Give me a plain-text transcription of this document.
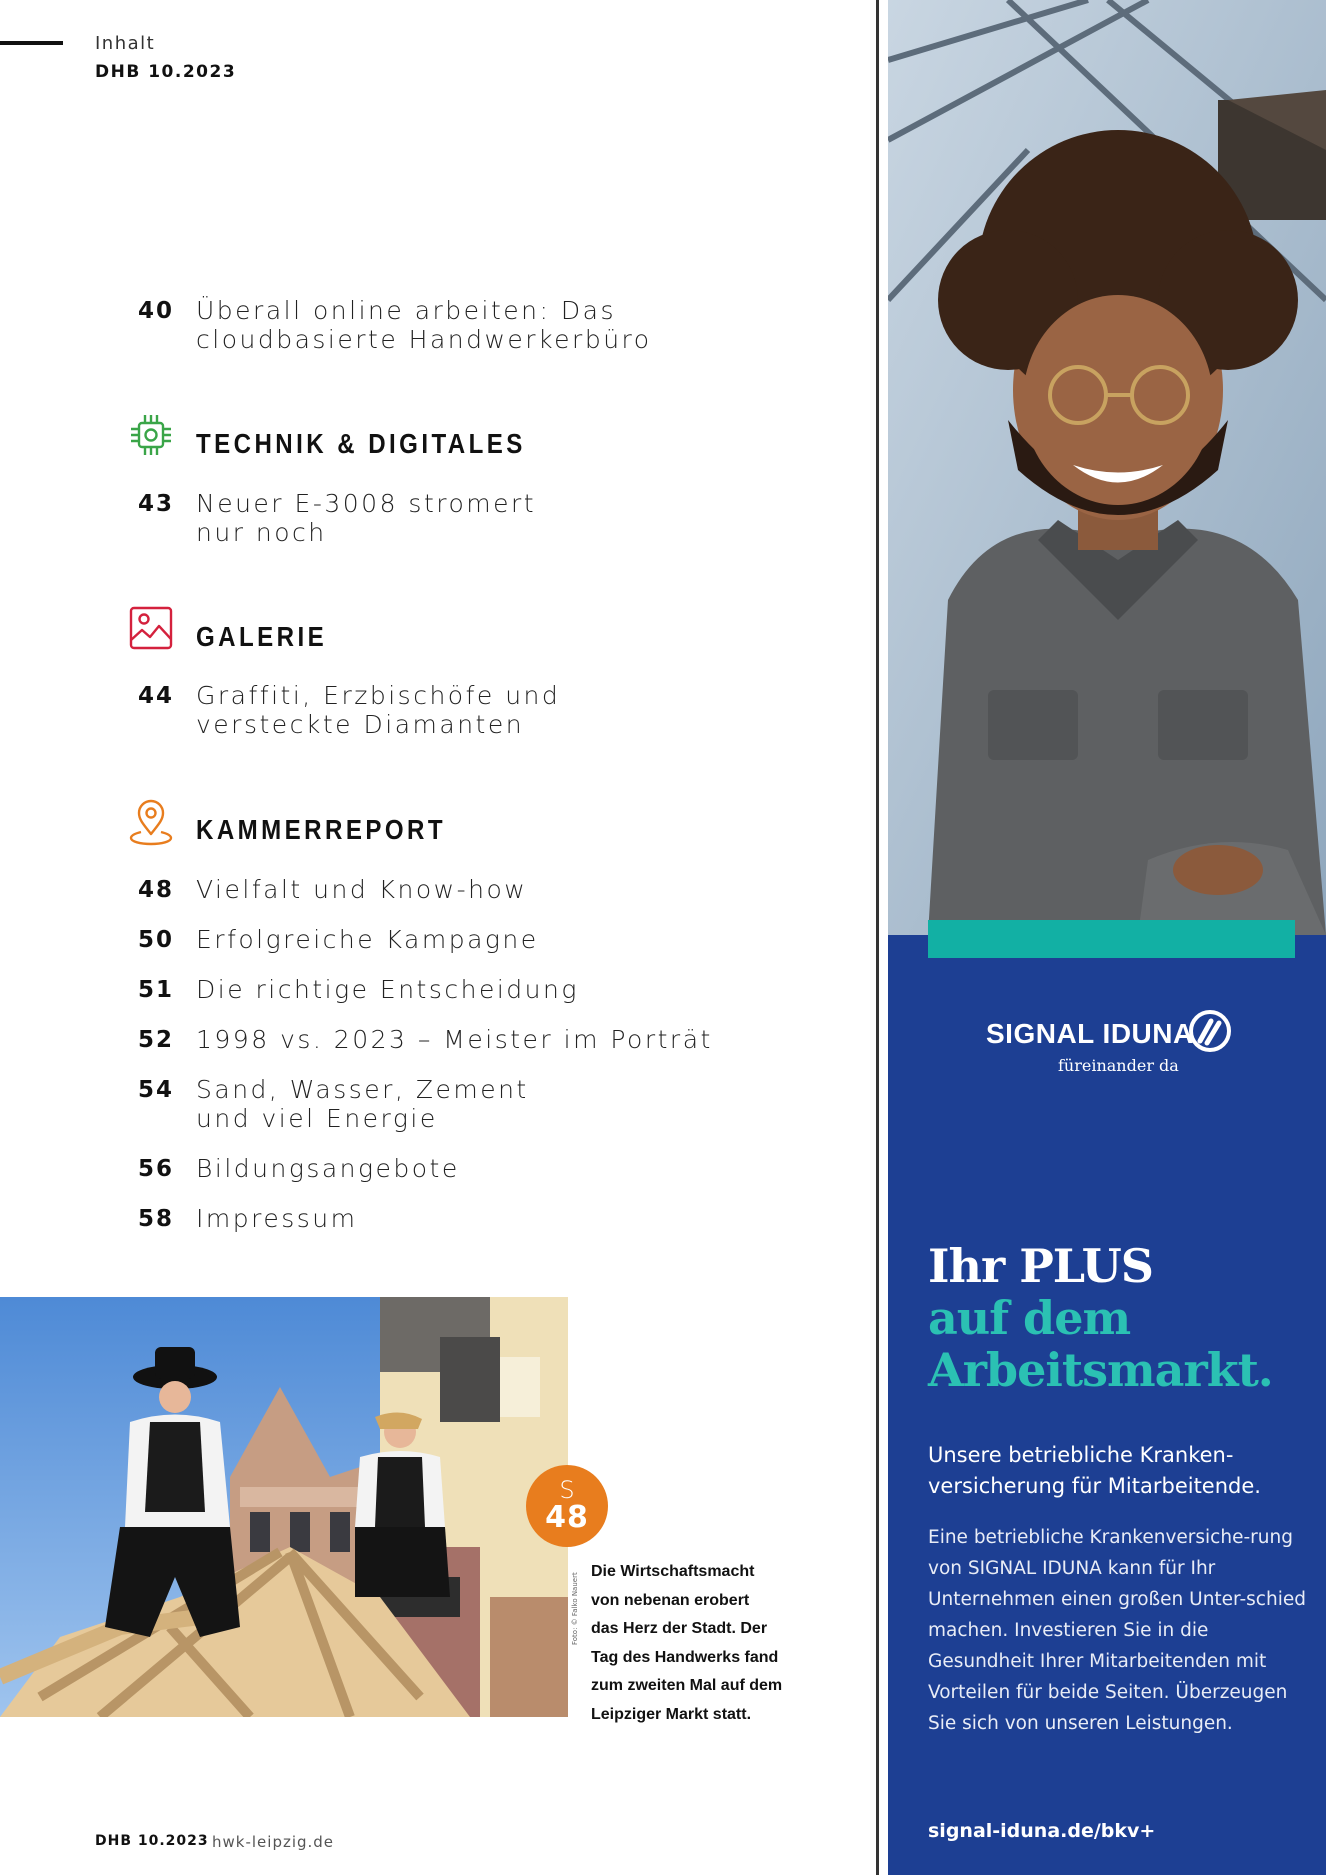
Inhalt
DHB 10.2023
40 Überall online arbeiten: Das
cloudbasierte Handwerkerbüro
TECHNIK & DIGITALES
43 Neuer E-3008 stromert
nur noch
GALERIE
44 Graffiti, Erzbischöfe und
versteckte Diamanten
KAMMERREPORT
48 Vielfalt und Know-how
50 Erfolgreiche Kampagne
51 Die richtige Entscheidung
52 1998 vs. 2023 – Meister im Porträt
54 Sand, Wasser, Zement
und viel Energie
56 Bildungsangebote
58 Impressum
S
48
Die Wirtschaftsmacht
von nebenan erobert
das Herz der Stadt. Der
Tag des Handwerks fand
zum zweiten Mal auf dem
Leipziger Markt statt.
Foto: © Falko Nauert
DHB 10.2023 hwk-leipzig.de
SIGNAL IDUNA
füreinander da
Ihr PLUS
auf dem
Arbeitsmarkt.
Unsere betriebliche Kranken-versicherung für Mitarbeitende.
Eine betriebliche Krankenversiche-rung von SIGNAL IDUNA kann für Ihr Unternehmen einen großen Unter-schied machen. Investieren Sie in die Gesundheit Ihrer Mitarbeitenden mit Vorteilen für beide Seiten. Überzeugen Sie sich von unseren Leistungen.
signal-iduna.de/bkv+
